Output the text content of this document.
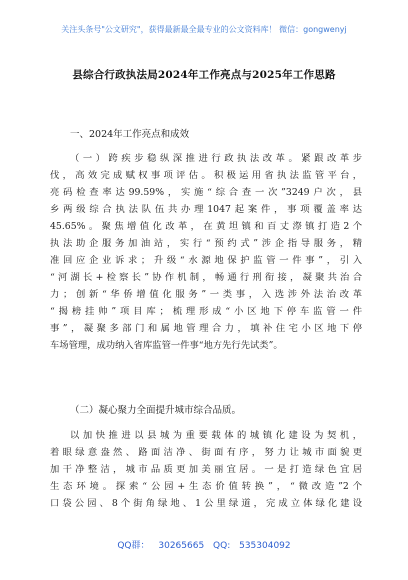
关注头条号"公文研究"，获得最新最全最专业的公文资料库！ 微信：gongwenyj
县综合行政执法局2024年工作亮点与2025年工作思路
一、2024年工作亮点和成效
（一）跨疾步稳纵深推进行政执法改革。紧跟改革步
伐，高效完成赋权事项评估。积极运用省执法监管平台，
亮码检查率达99.59%，实施“综合查一次”3249户次，县
乡两级综合执法队伍共办理1047起案件，事项覆盖率达
45.65%。聚焦增值化改革，在黄坦镇和百丈漈镇打造2个
执法助企服务加油站，实行“预约式”涉企指导服务，精
准回应企业诉求；升级“水源地保护监管一件事”，引入
“河湖长+检察长”协作机制，畅通行刑衔接，凝聚共治合
力；创新“华侨增值化服务”一类事，入选涉外法治改革
“揭榜挂帅”项目库；梳理形成“小区地下停车监管一件
事”，凝聚多部门和属地管理合力，填补住宅小区地下停
车场管理，成功纳入省库监管一件事“地方先行先试类”。
（二）凝心聚力全面提升城市综合品质。
以加快推进以县城为重要载体的城镇化建设为契机，
着眼绿意盎然、路面洁净、街面有序，努力让城市面貌更
加干净整洁，城市品质更加美丽宜居。一是打造绿色宜居
生态环境。探索“公园+生态价值转换”，“微改造”2个
口袋公园、8个街角绿地、1公里绿道，完成立体绿化建设
QQ群： 30265665 QQ: 535304092
